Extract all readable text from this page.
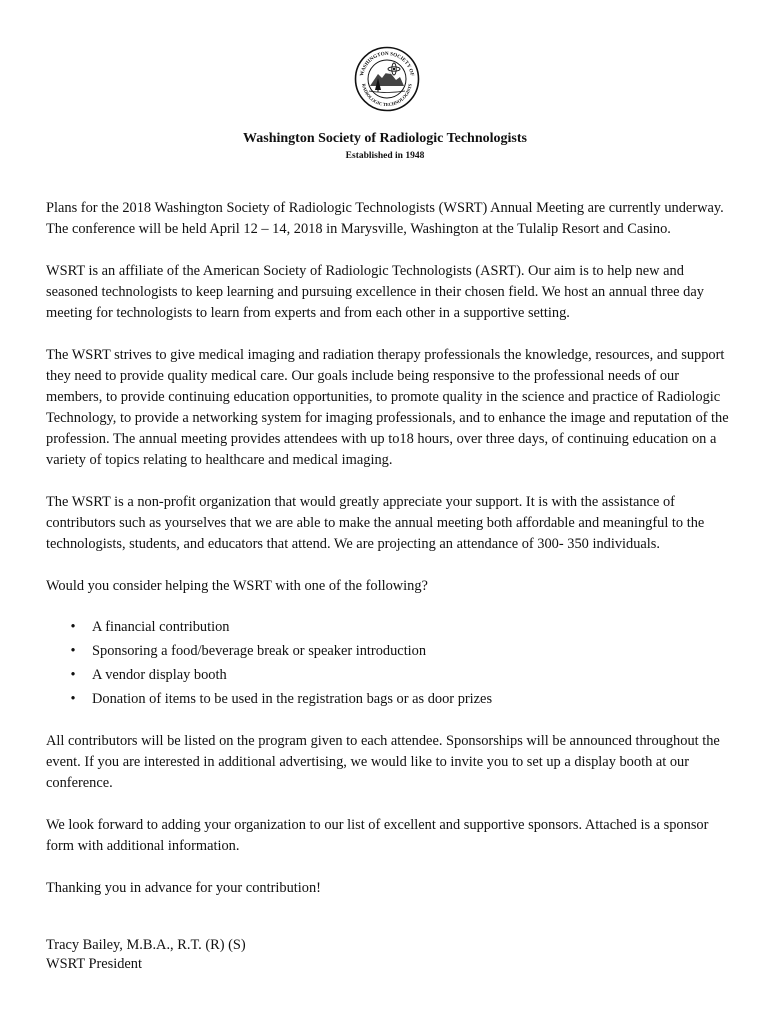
WASHINGTON SOCIETY OF
RADIOLOGIC TECHNOLOGISTS
Washington Society of Radiologic Technologists
Established in 1948

Plans for the 2018 Washington Society of Radiologic Technologists (WSRT) Annual Meeting are currently underway. The conference will be held April 12 – 14, 2018 in Marysville, Washington at the Tulalip Resort and Casino.

WSRT is an affiliate of the American Society of Radiologic Technologists (ASRT). Our aim is to help new and seasoned technologists to keep learning and pursuing excellence in their chosen field. We host an annual three day meeting for technologists to learn from experts and from each other in a supportive setting.

The WSRT strives to give medical imaging and radiation therapy professionals the knowledge, resources, and support they need to provide quality medical care. Our goals include being responsive to the professional needs of our members, to provide continuing education opportunities, to promote quality in the science and practice of Radiologic Technology, to provide a networking system for imaging professionals, and to enhance the image and reputation of the profession. The annual meeting provides attendees with up to18 hours, over three days, of continuing education on a variety of topics relating to healthcare and medical imaging.

The WSRT is a non-profit organization that would greatly appreciate your support. It is with the assistance of contributors such as yourselves that we are able to make the annual meeting both affordable and meaningful to the technologists, students, and educators that attend. We are projecting an attendance of 300- 350 individuals.

Would you consider helping the WSRT with one of the following?

• A financial contribution
• Sponsoring a food/beverage break or speaker introduction
• A vendor display booth
• Donation of items to be used in the registration bags or as door prizes

All contributors will be listed on the program given to each attendee. Sponsorships will be announced throughout the event. If you are interested in additional advertising, we would like to invite you to set up a display booth at our conference.

We look forward to adding your organization to our list of excellent and supportive sponsors. Attached is a sponsor form with additional information.

Thanking you in advance for your contribution!

Tracy Bailey, M.B.A., R.T. (R) (S)
WSRT President
